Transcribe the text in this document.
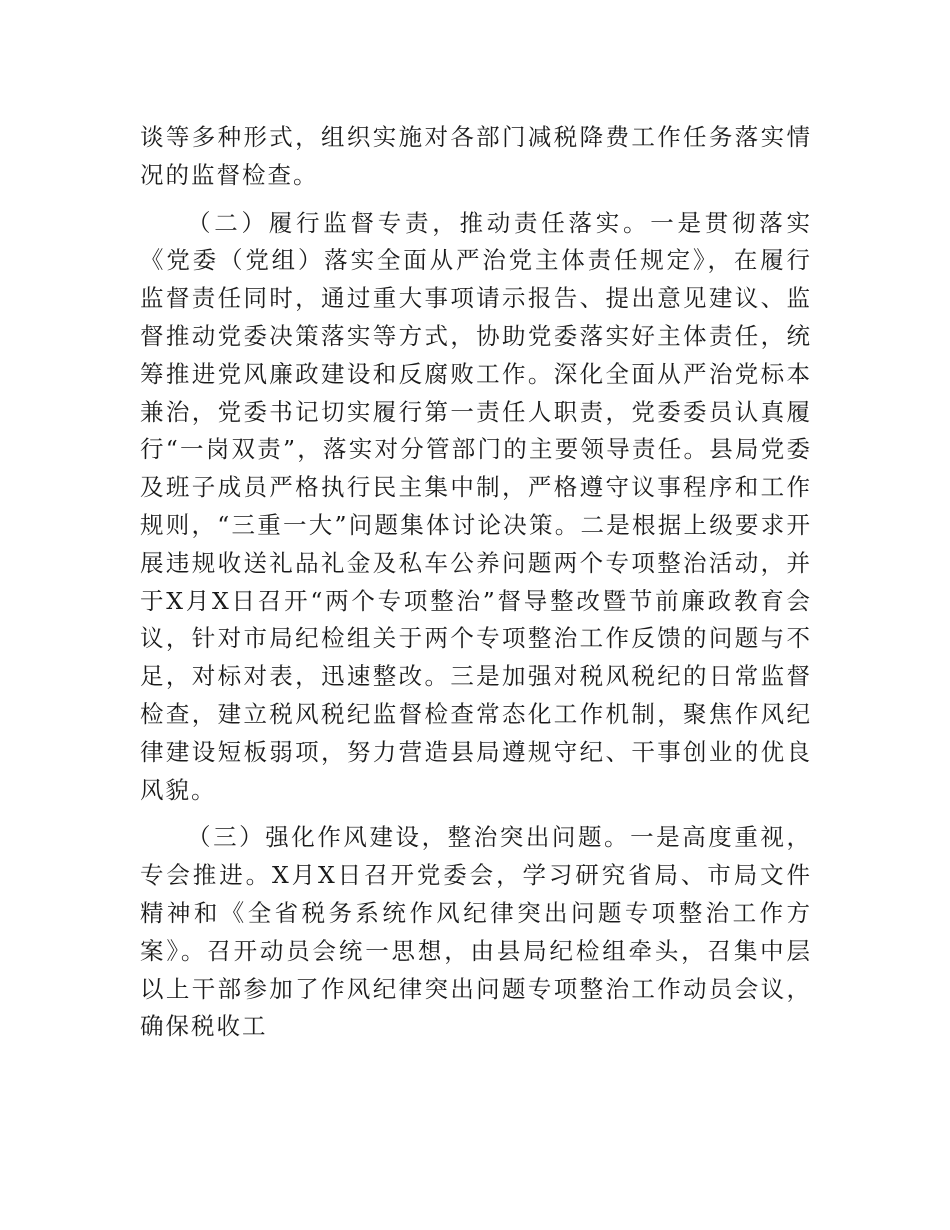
谈等多种形式，组织实施对各部门减税降费工作任务落实情况的监督检查。

（二）履行监督专责，推动责任落实。一是贯彻落实《党委（党组）落实全面从严治党主体责任规定》，在履行监督责任同时，通过重大事项请示报告、提出意见建议、监督推动党委决策落实等方式，协助党委落实好主体责任，统筹推进党风廉政建设和反腐败工作。深化全面从严治党标本兼治，党委书记切实履行第一责任人职责，党委委员认真履行“一岗双责”，落实对分管部门的主要领导责任。县局党委及班子成员严格执行民主集中制，严格遵守议事程序和工作规则，“三重一大”问题集体讨论决策。二是根据上级要求开展违规收送礼品礼金及私车公养问题两个专项整治活动，并于X月X日召开“两个专项整治”督导整改暨节前廉政教育会议，针对市局纪检组关于两个专项整治工作反馈的问题与不足，对标对表，迅速整改。三是加强对税风税纪的日常监督检查，建立税风税纪监督检查常态化工作机制，聚焦作风纪律建设短板弱项，努力营造县局遵规守纪、干事创业的优良风貌。

（三）强化作风建设，整治突出问题。一是高度重视，专会推进。X月X日召开党委会，学习研究省局、市局文件精神和《全省税务系统作风纪律突出问题专项整治工作方案》。召开动员会统一思想，由县局纪检组牵头，召集中层以上干部参加了作风纪律突出问题专项整治工作动员会议，确保税收工
